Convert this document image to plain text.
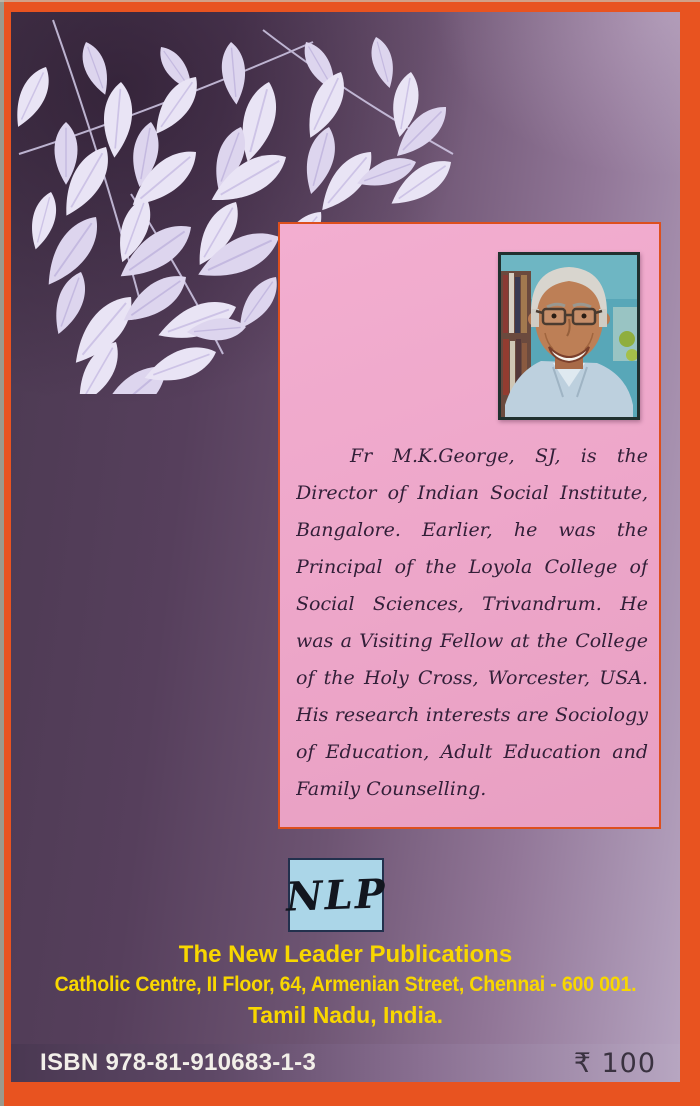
Fr M.K.George, SJ, is the
Director of Indian Social Institute,
Bangalore. Earlier, he was the
Principal of the Loyola College of
Social Sciences, Trivandrum. He
was a Visiting Fellow at the College
of the Holy Cross, Worcester, USA.
His research interests are Sociology
of Education, Adult Education and
Family Counselling.
NLP
The New Leader Publications
Catholic Centre, II Floor, 64, Armenian Street, Chennai - 600 001.
Tamil Nadu, India.
ISBN 978-81-910683-1-3	₹ 100
